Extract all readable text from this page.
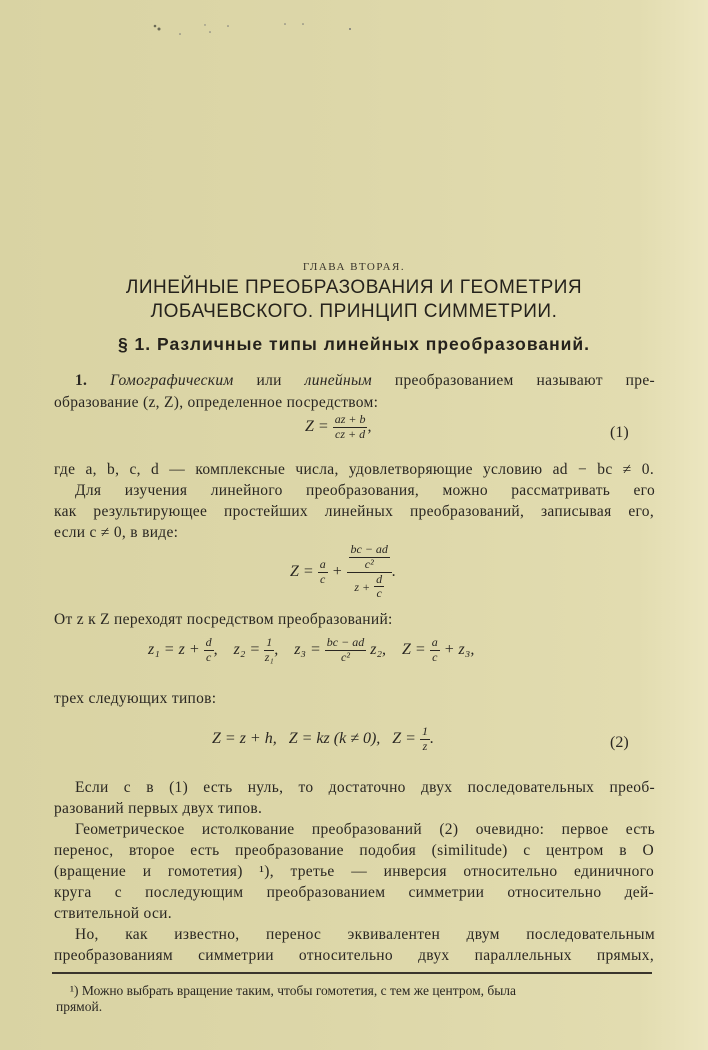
ГЛАВА ВТОРАЯ.
ЛИНЕЙНЫЕ ПРЕОБРАЗОВАНИЯ И ГЕОМЕТРИЯ
ЛОБАЧЕВСКОГО. ПРИНЦИП СИММЕТРИИ.
§ 1. Различные типы линейных преобразований.
1. Гомографическим или линейным преобразованием называют пре-
образование (z, Z), определенное посредством:
$Z = \frac{az + b}{cz + d}$ ,	(1)
где a, b, c, d — комплексные числа, удовлетворяющие условию ad − bc ≠ 0.
Для изучения линейного преобразования, можно рассматривать его
как результирующее простейших линейных преобразований, записывая его,
если c ≠ 0, в виде:
$Z = \frac{a}{c} + \frac{\frac{bc - ad}{\text{c²}}}{z + \frac{d}{c}}$ .
От z к Z переходят посредством преобразований:
$z_1 = z + \frac{d}{c}$ ,    $z_2 = \frac{1}{\text{z₁}}$ ,    $z_3 = \frac{bc - ad}{\text{c²}} z_2$, $Z = \frac{a}{c} + z_3$,
трех следующих типов:
Z = z + h, Z = kz (k ≠ 0), $Z = \frac{1}{z}$ .	(2)
Если c в (1) есть нуль, то достаточно двух последовательных преоб-
разований первых двух типов.
Геометрическое истолкование преобразований (2) очевидно: первое есть
перенос, второе есть преобразование подобия (similitude) с центром в O
(вращение и гомотетия) ¹), третье — инверсия относительно единичного
круга с последующим преобразованием симметрии относительно дей-
ствительной оси.
Но, как известно, перенос эквивалентен двум последовательным
преобразованиям симметрии относительно двух параллельных прямых,
¹) Можно выбрать вращение таким, чтобы гомотетия, с тем же центром, была
прямой.
